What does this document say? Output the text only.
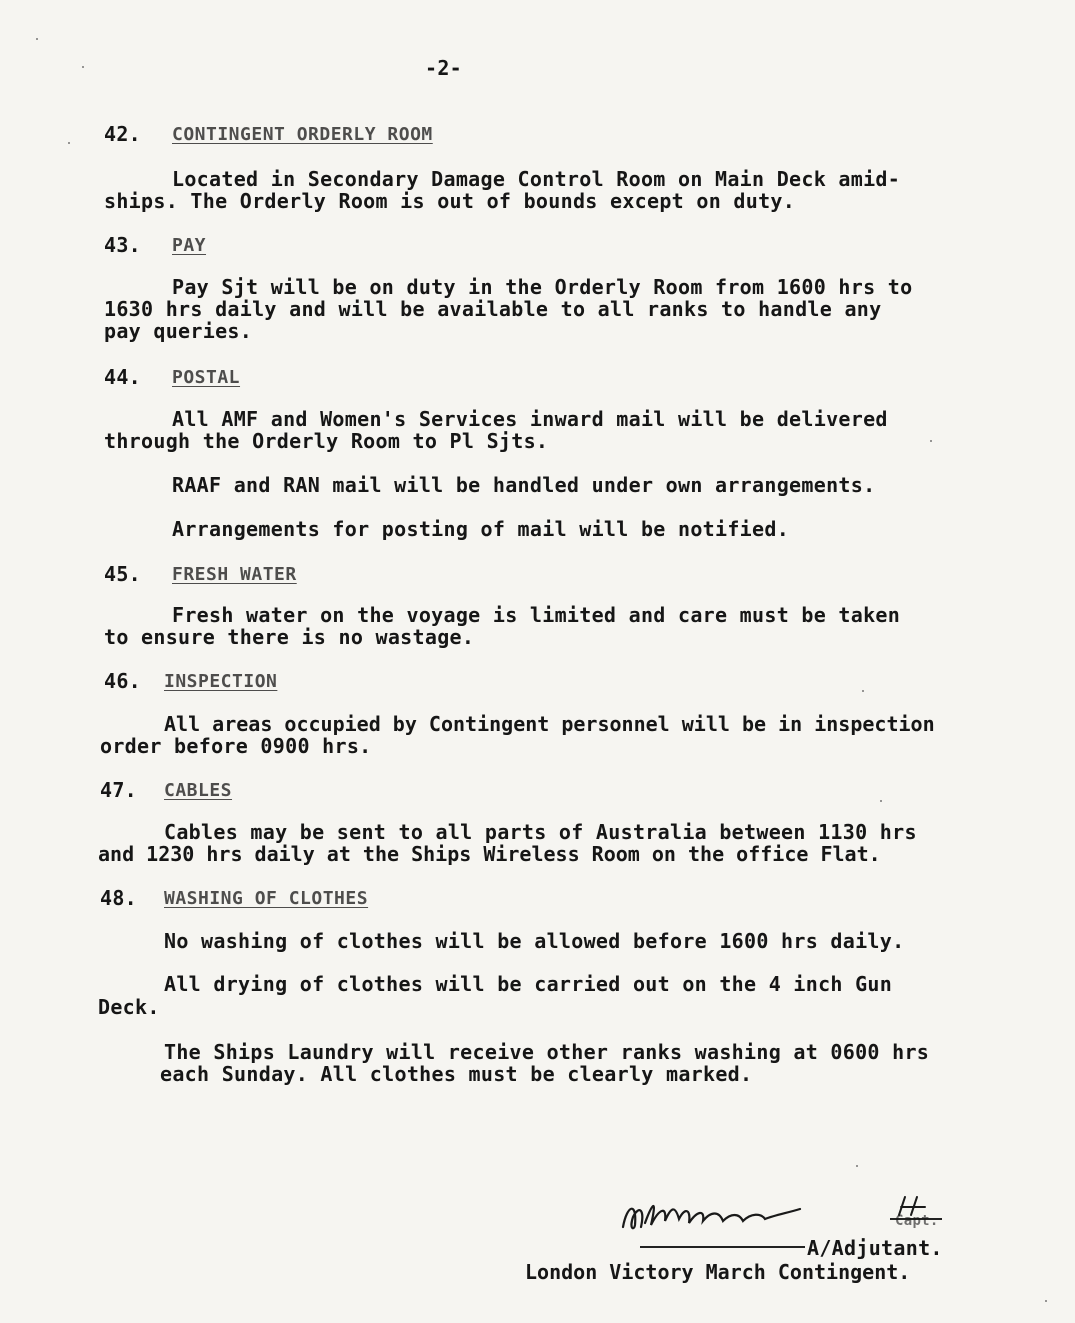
-2-
42. CONTINGENT ORDERLY ROOM
Located in Secondary Damage Control Room on Main Deck amid-
ships. The Orderly Room is out of bounds except on duty.
43. PAY
Pay Sjt will be on duty in the Orderly Room from 1600 hrs to
1630 hrs daily and will be available to all ranks to handle any
pay queries.
44. POSTAL
All AMF and Women's Services inward mail will be delivered
through the Orderly Room to Pl Sjts.
RAAF and RAN mail will be handled under own arrangements.
Arrangements for posting of mail will be notified.
45. FRESH WATER
Fresh water on the voyage is limited and care must be taken
to ensure there is no wastage.
46. INSPECTION
All areas occupied by Contingent personnel will be in inspection
order before 0900 hrs.
47. CABLES
Cables may be sent to all parts of Australia between 1130 hrs
and 1230 hrs daily at the Ships Wireless Room on the office Flat.
48. WASHING OF CLOTHES
No washing of clothes will be allowed before 1600 hrs daily.
All drying of clothes will be carried out on the 4 inch Gun
Deck.
The Ships Laundry will receive other ranks washing at 0600 hrs
each Sunday. All clothes must be clearly marked.
Capt.
A/Adjutant.
London Victory March Contingent.
